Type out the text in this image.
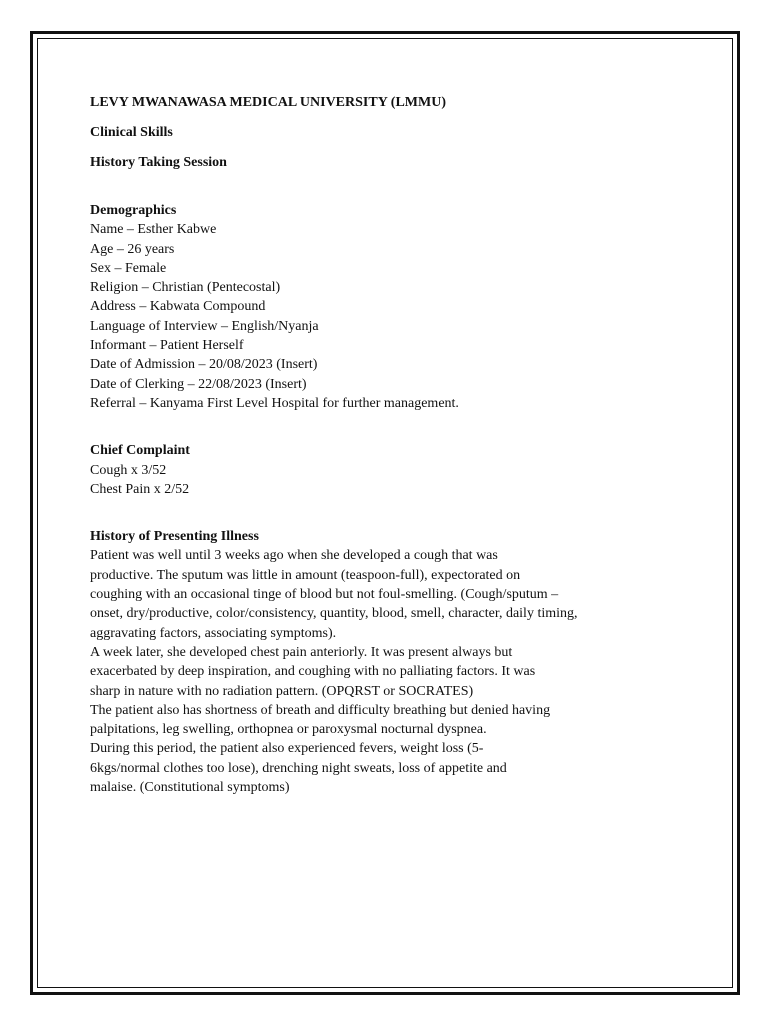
LEVY MWANAWASA MEDICAL UNIVERSITY (LMMU)
Clinical Skills
History Taking Session
Demographics
Name – Esther Kabwe
Age – 26 years
Sex – Female
Religion – Christian (Pentecostal)
Address – Kabwata Compound
Language of Interview – English/Nyanja
Informant – Patient Herself
Date of Admission – 20/08/2023 (Insert)
Date of Clerking – 22/08/2023 (Insert)
Referral – Kanyama First Level Hospital for further management.
Chief Complaint
Cough x 3/52
Chest Pain x 2/52
History of Presenting Illness
Patient was well until 3 weeks ago when she developed a cough that was
productive. The sputum was little in amount (teaspoon-full), expectorated on
coughing with an occasional tinge of blood but not foul-smelling. (Cough/sputum –
onset, dry/productive, color/consistency, quantity, blood, smell, character, daily timing,
aggravating factors, associating symptoms).
A week later, she developed chest pain anteriorly. It was present always but
exacerbated by deep inspiration, and coughing with no palliating factors. It was
sharp in nature with no radiation pattern. (OPQRST or SOCRATES)
The patient also has shortness of breath and difficulty breathing but denied having
palpitations, leg swelling, orthopnea or paroxysmal nocturnal dyspnea.
During this period, the patient also experienced fevers, weight loss (5-
6kgs/normal clothes too lose), drenching night sweats, loss of appetite and
malaise. (Constitutional symptoms)
